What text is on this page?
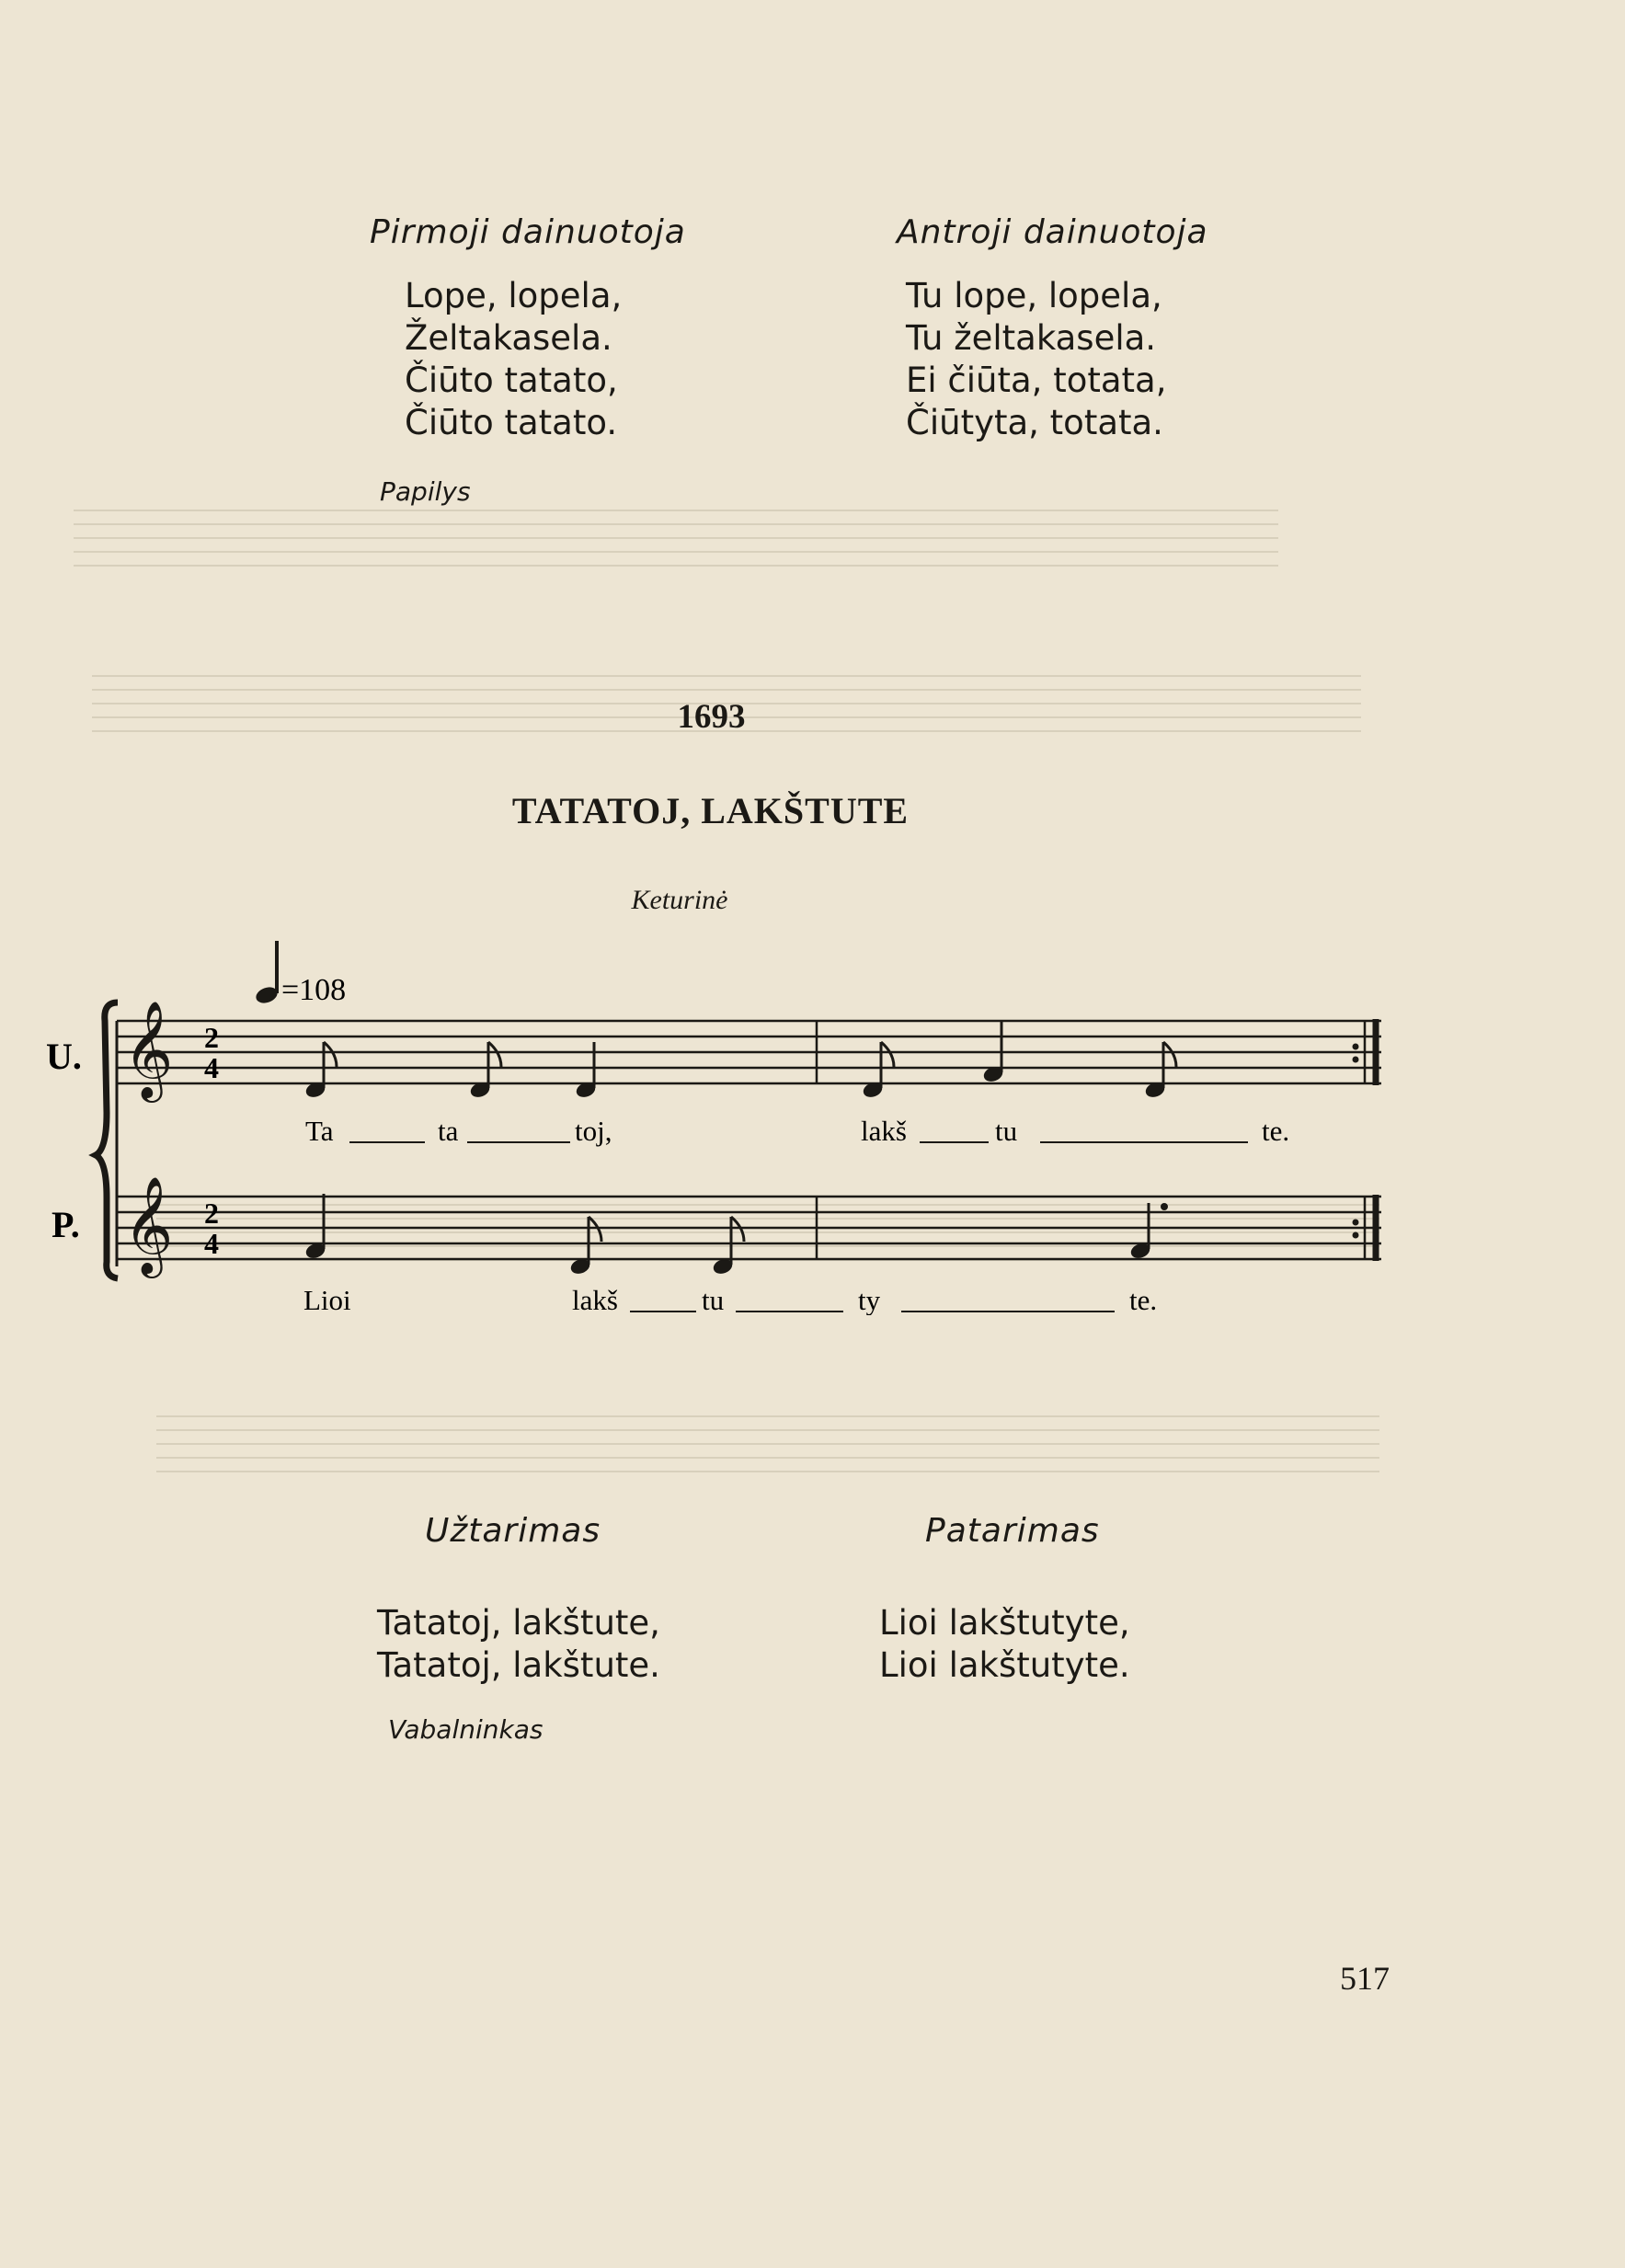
Pirmoji dainuotoja	Antroji dainuotoja
Lope, lopela,
Želtakasela.
Čiūto tatato,
Čiūto tatato.
Tu lope, lopela,
Tu želtakasela.
Ei čiūta, totata,
Čiūtyta, totata.
Papilys
1693
TATATOJ, LAKŠTUTE
Keturinė
=108
U.
P.
𝄞
𝄞
2
4
2
4
Ta	ta	toj,	lakš	tu	te.
Lioi	lakš	tu	ty	te.
Užtarimas	Patarimas
Tatatoj, lakštute,
Tatatoj, lakštute.
Lioi lakštutyte,
Lioi lakštutyte.
Vabalninkas
517
